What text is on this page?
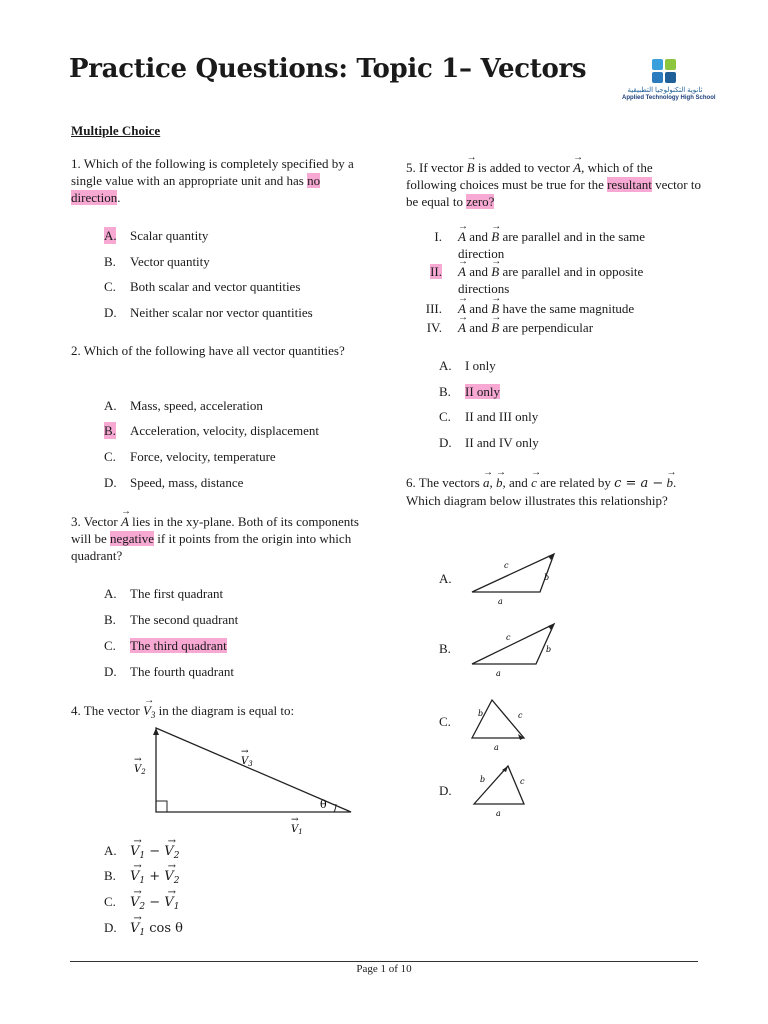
Practice Questions: Topic 1– Vectors
ثانوية التكنولوجيا التطبيقية
Applied Technology High School
Multiple Choice
1. Which of the following is completely specified by a single value with an appropriate unit and has no direction.
A. Scalar quantity
B. Vector quantity
C. Both scalar and vector quantities
D. Neither scalar nor vector quantities
2. Which of the following have all vector quantities?
A. Mass, speed, acceleration
B. Acceleration, velocity, displacement
C. Force, velocity, temperature
D. Speed, mass, distance
3. Vector → A lies in the xy-plane. Both of its components will be negative if it points from the origin into which quadrant?
A. The first quadrant
B. The second quadrant
C. The third quadrant
D. The fourth quadrant
4. The vector → $V_3$ in the diagram is equal to:
$V_2$
→	$V_3$
→
$V_1$
→
θ
$A.\to V_1$ − → $V_2$
$B.\to V_1$ + → $V_2$
$C.\to V_2$ − → $V_1$
$D.\to V_1$ cos θ
5. If vector → B is added to vector → A, which of the following choices must be true for the resultant vector to be equal to zero?
I.→ A and → B are parallel and in the same direction
II.→ A and → B are parallel and in opposite directions
III.→ A and → B have the same magnitude
IV.→ A and → B are perpendicular
A. I only
B. II only
C. II and III only
D. II and IV only
6. The vectors → a, → b, and → c are related by c = a − → b. Which diagram below illustrates this relationship?
A.
c
b
a
B.
c
b
a
C.
b	c
a
D.
b	c
a
Page 1 of 10
